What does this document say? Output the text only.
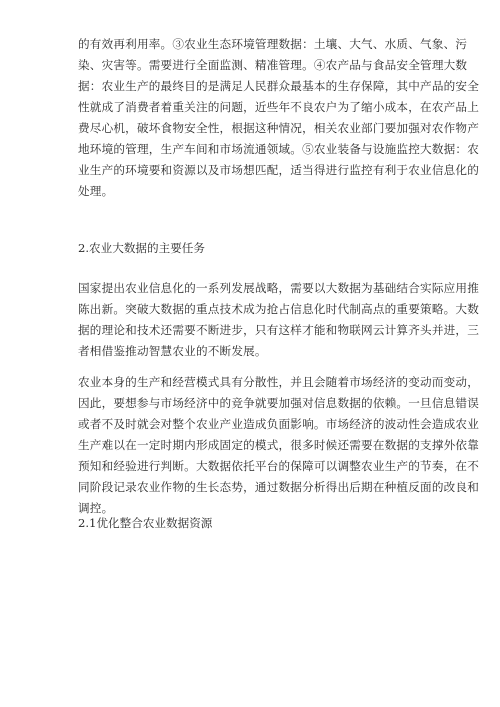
的有效再利用率。③农业生态环境管理数据：土壤、大气、水质、气象、污
染、灾害等。需要进行全面监测、精准管理。④农产品与食品安全管理大数
据：农业生产的最终目的是满足人民群众最基本的生存保障，其中产品的安全
性就成了消费者着重关注的问题，近些年不良农户为了缩小成本，在农产品上
费尽心机，破坏食物安全性，根据这种情况，相关农业部门要加强对农作物产
地环境的管理，生产车间和市场流通领域。⑤农业装备与设施监控大数据：农
业生产的环境要和资源以及市场想匹配，适当得进行监控有利于农业信息化的
处理。
2.农业大数据的主要任务
国家提出农业信息化的一系列发展战略，需要以大数据为基础结合实际应用推
陈出新。突破大数据的重点技术成为抢占信息化时代制高点的重要策略。大数
据的理论和技术还需要不断进步，只有这样才能和物联网云计算齐头并进，三
者相借鉴推动智慧农业的不断发展。
农业本身的生产和经营模式具有分散性，并且会随着市场经济的变动而变动，
因此，要想参与市场经济中的竞争就要加强对信息数据的依赖。一旦信息错误
或者不及时就会对整个农业产业造成负面影响。市场经济的波动性会造成农业
生产难以在一定时期内形成固定的模式，很多时候还需要在数据的支撑外依靠
预知和经验进行判断。大数据依托平台的保障可以调整农业生产的节奏，在不
同阶段记录农业作物的生长态势，通过数据分析得出后期在种植反面的改良和
调控。
2.1优化整合农业数据资源
